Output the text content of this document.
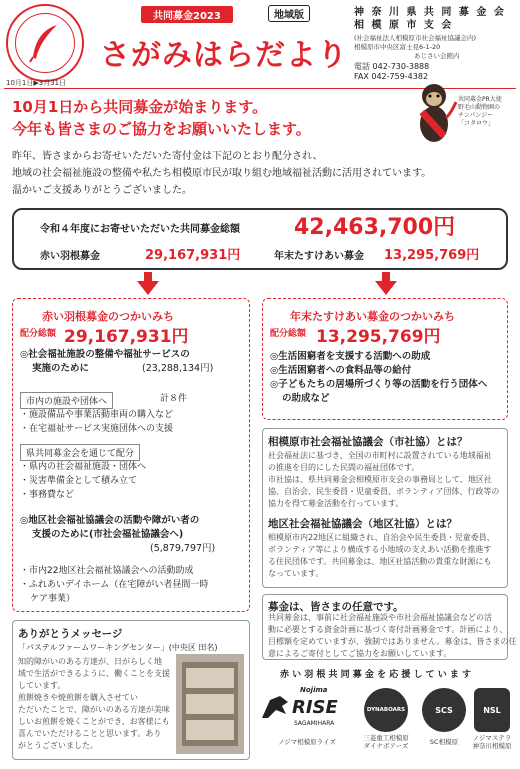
10月1日▶3月31日
共同募金2023	地域版
さがみはらだより
神 奈 川 県 共 同 募 金 会
相 模 原 市 支 会
(社会福祉法人相模原市社会福祉協議会内)
相模原市中央区富士見6-1-20
あじさい会館内
電話 042-730-3888
FAX 042-759-4382
10月1日から共同募金が始まります。
今年も皆さまのご協力をお願いいたします。
共同募金PR大使
野毛山動物園の
チンパンジー
「コタロウ」
昨年、皆さまからお寄せいただいた寄付金は下記のとおり配分され、
地域の社会福祉施設の整備や私たち相模原市民が取り組む地域福祉活動に活用されています。
温かいご支援ありがとうございました。
令和４年度にお寄せいただいた共同募金総額 42,463,700円
赤い羽根募金	29,167,931円	年末たすけあい募金 13,295,769円
赤い羽根募金のつかいみち
配分総額 29,167,931円
◎社会福祉施設の整備や福祉サービスの
実施のために	(23,288,134円)
市内の施設や団体へ	計８件
・施設備品や事業活動車両の購入など
・在宅福祉サービス実施団体への支援
県共同募金会を通じて配分
・県内の社会福祉施設・団体へ
・災害準備金として積み立て
・事務費など
◎地区社会福祉協議会の活動や障がい者の
支援のために(市社会福祉協議会へ)
(5,879,797円)
・市内22地区社会福祉協議会への活動助成
・ふれあいデイホーム（在宅障がい者昼間一時
ケア事業）
年末たすけあい募金のつかいみち
配分総額 13,295,769円
◎生活困窮者を支援する活動への助成
◎生活困窮者への食料品等の給付
◎子どもたちの居場所づくり等の活動を行う団体へ
の助成など
相模原市社会福祉協議会（市社協）とは？
社会福祉法に基づき、全国の市町村に設置されている地域福祉
の推進を目的にした民間の福祉団体です。
市社協は、県共同募金会相模原市支会の事務局として、地区社
協、自治会、民生委員・児童委員、ボランティア団体、行政等の
協力を得て募金活動を行っています。
地区社会福祉協議会（地区社協）とは？
相模原市内22地区に組織され、自治会や民生委員・児童委員、
ボランティア等により構成する小地域の支えあい活動を推進す
る住民団体です。共同募金は、地区社協活動の貴重な財源にも
なっています。
募金は、皆さまの任意です。
共同募金は、事前に社会福祉施設や市社会福祉協議会などの活
動に必要とする資金計画に基づく寄付計画募金です。計画により、
目標額を定めていますが、強制ではありません。募金は、皆さまの任
意によるご寄付としてご協力をお願いしています。
ありがとうメッセージ
「パステルファームワーキングセンター」(中央区 田名)
知的障がいのある方達が、日がらしく地
域で生活ができるように、働くことを支援
しています。
煎餅焼きや焼煎餅を購入させてい
ただいたことで、障がいのある方達が美味
しいお煎餅を焼くことができ、お客様にも
喜んでいただけることと思います。あり
がとうございました。
赤 い 羽 根 共 同 募 金 を 応 援 し て い ま す
Nojima
RISE
SAGAMIHARA
ノジマ相模原ライズ
DYNABOARS
三菱重工相模原
ダイナボアーズ
SCS
SC相模原
NSL
ノジマステラ
神奈川相模原
